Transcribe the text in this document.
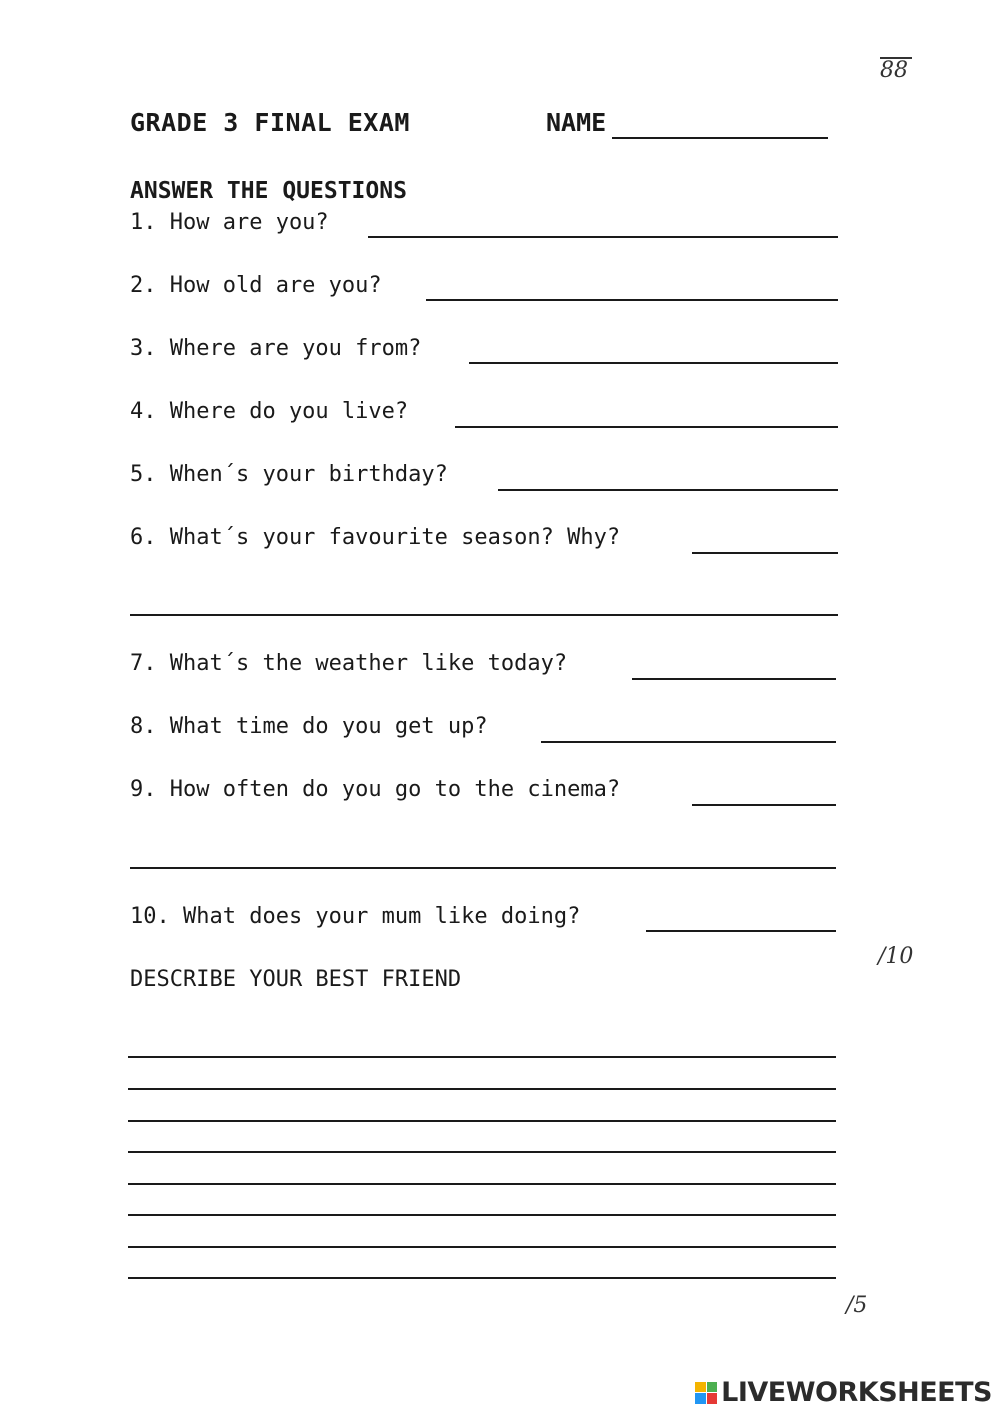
88
GRADE 3 FINAL EXAM	NAME
ANSWER THE QUESTIONS
1. How are you?
2. How old are you?
3. Where are you from?
4. Where do you live?
5. When´s your birthday?
6. What´s your favourite season? Why?
7. What´s the weather like today?
8. What time do you get up?
9. How often do you go to the cinema?
10. What does your mum like doing?
/10
DESCRIBE YOUR BEST FRIEND
/5
LIVEWORKSHEETS
